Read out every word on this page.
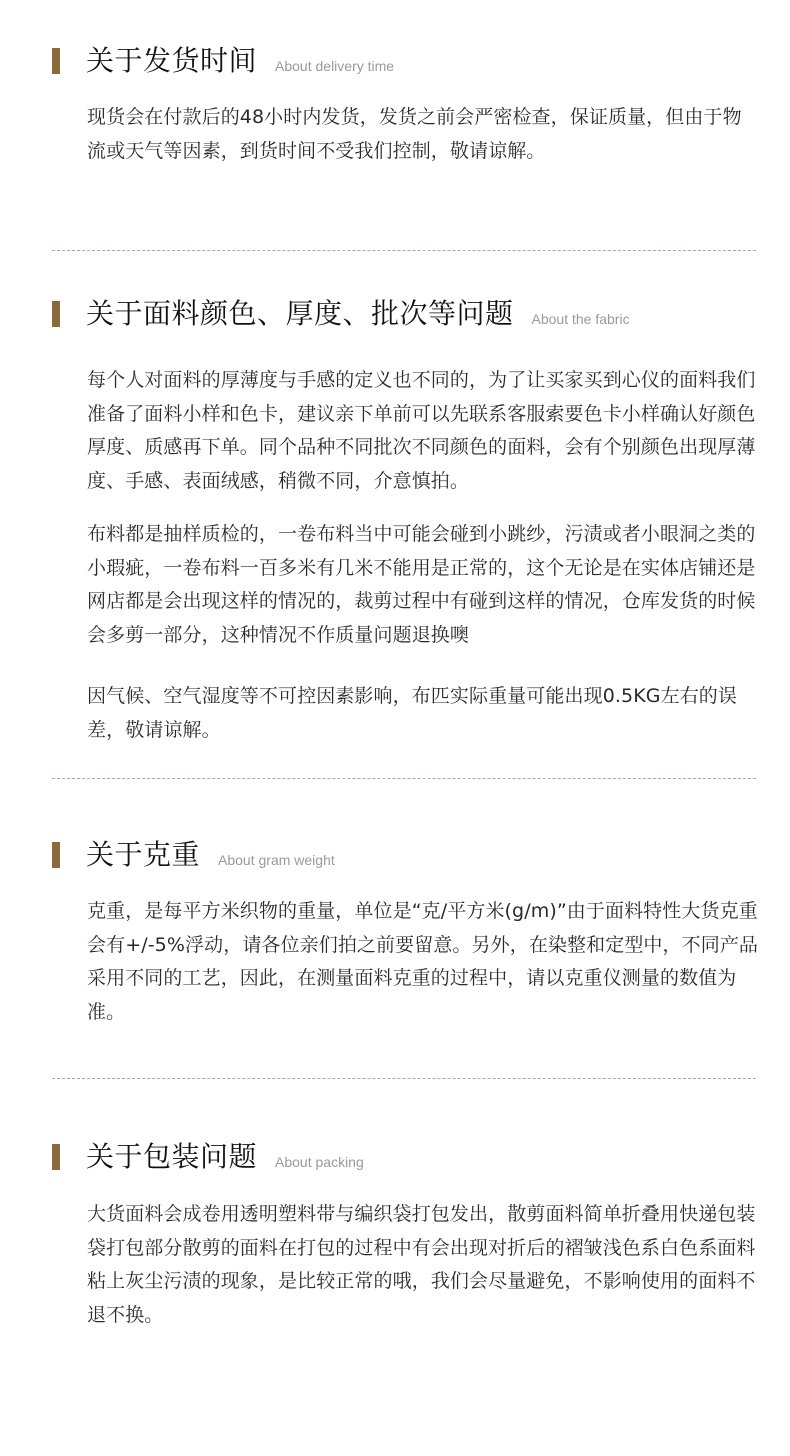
关于发货时间 About delivery time

现货会在付款后的48小时内发货，发货之前会严密检查，保证质量，但由于物流或天气等因素，到货时间不受我们控制，敬请谅解。

关于面料颜色、厚度、批次等问题 About the fabric

每个人对面料的厚薄度与手感的定义也不同的，为了让买家买到心仪的面料我们准备了面料小样和色卡，建议亲下单前可以先联系客服索要色卡小样确认好颜色厚度、质感再下单。同个品种不同批次不同颜色的面料，会有个别颜色出现厚薄度、手感、表面绒感，稍微不同，介意慎拍。

布料都是抽样质检的，一卷布料当中可能会碰到小跳纱，污渍或者小眼洞之类的小瑕疵，一卷布料一百多米有几米不能用是正常的，这个无论是在实体店铺还是网店都是会出现这样的情况的，裁剪过程中有碰到这样的情况，仓库发货的时候会多剪一部分，这种情况不作质量问题退换噢

因气候、空气湿度等不可控因素影响，布匹实际重量可能出现0.5KG左右的误差，敬请谅解。

关于克重 About gram weight

克重，是每平方米织物的重量，单位是“克/平方米(g/m)”由于面料特性大货克重会有+/-5%浮动，请各位亲们拍之前要留意。另外，在染整和定型中，不同产品采用不同的工艺，因此，在测量面料克重的过程中，请以克重仪测量的数值为准。

关于包装问题 About packing

大货面料会成卷用透明塑料带与编织袋打包发出，散剪面料简单折叠用快递包装袋打包部分散剪的面料在打包的过程中有会出现对折后的褶皱浅色系白色系面料粘上灰尘污渍的现象，是比较正常的哦，我们会尽量避免，不影响使用的面料不退不换。
